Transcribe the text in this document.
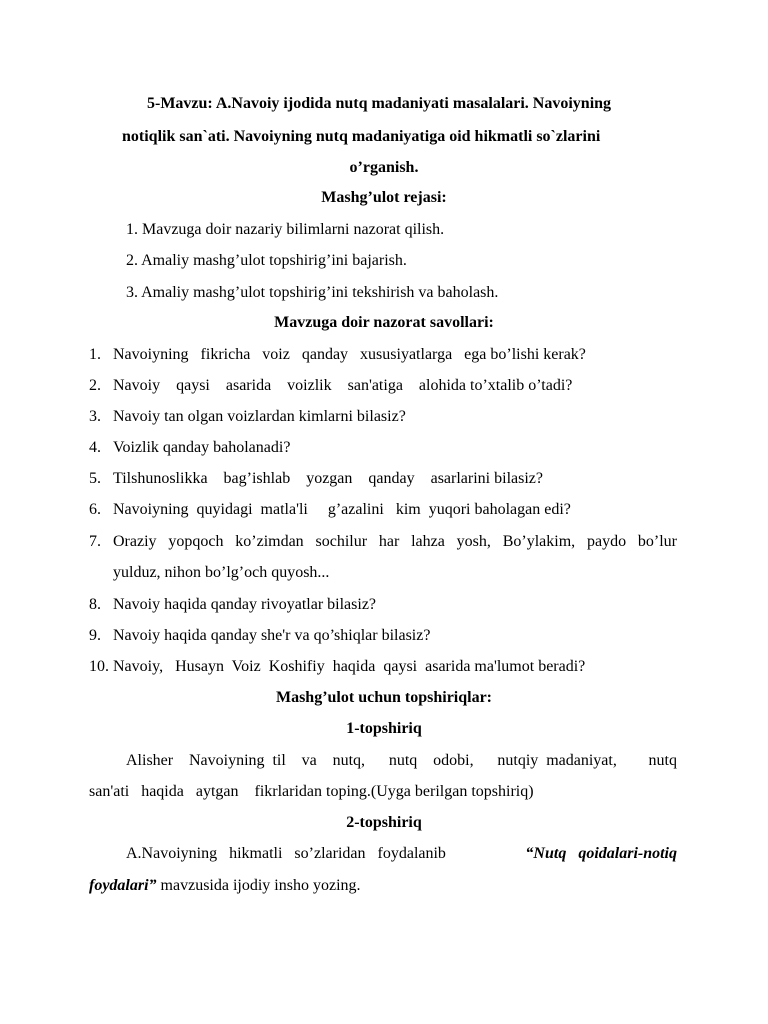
5-Mavzu: A.Navoiy ijodida nutq madaniyati masalalari. Navoiyning
notiqlik san`ati. Navoiyning nutq madaniyatiga oid hikmatli so`zlarini
o’rganish.
Mashg’ulot rejasi:
1. Mavzuga doir nazariy bilimlarni nazorat qilish.
2. Amaliy mashg’ulot topshirig’ini bajarish.
3. Amaliy mashg’ulot topshirig’ini tekshirish va baholash.
Mavzuga doir nazorat savollari:
1. Navoiyning   fikricha   voiz   qanday   xususiyatlarga   ega bo’lishi kerak?
2. Navoiy    qaysi    asarida    voizlik    san'atiga    alohida to’xtalib o’tadi?
3. Navoiy tan olgan voizlardan kimlarni bilasiz?
4. Voizlik qanday baholanadi?
5. Tilshunoslikka    bag’ishlab    yozgan    qanday    asarlarini bilasiz?
6. Navoiyning  quyidagi  matla'li     g’azalini   kim  yuqori baholagan edi?
7. Oraziy yopqoch ko’zimdan sochilur har lahza yosh, Bo’ylakim, paydo bo’lur
yulduz, nihon bo’lg’och quyosh...
8. Navoiy haqida qanday rivoyatlar bilasiz?
9. Navoiy haqida qanday she'r va qo’shiqlar bilasiz?
10. Navoiy,   Husayn  Voiz  Koshifiy  haqida  qaysi  asarida ma'lumot beradi?
Mashg’ulot uchun topshiriqlar:
1-topshiriq
Alisher  Navoiyning til  va  nutq,   nutq  odobi,   nutqiy madaniyat,    nutq
san'ati   haqida   aytgan    fikrlaridan toping.(Uyga berilgan topshiriq)
2-topshiriq
A.Navoiyning   hikmatli   so’zlaridan   foydalanib	“Nutq   qoidalari-notiq
foydalari” mavzusida ijodiy insho yozing.
